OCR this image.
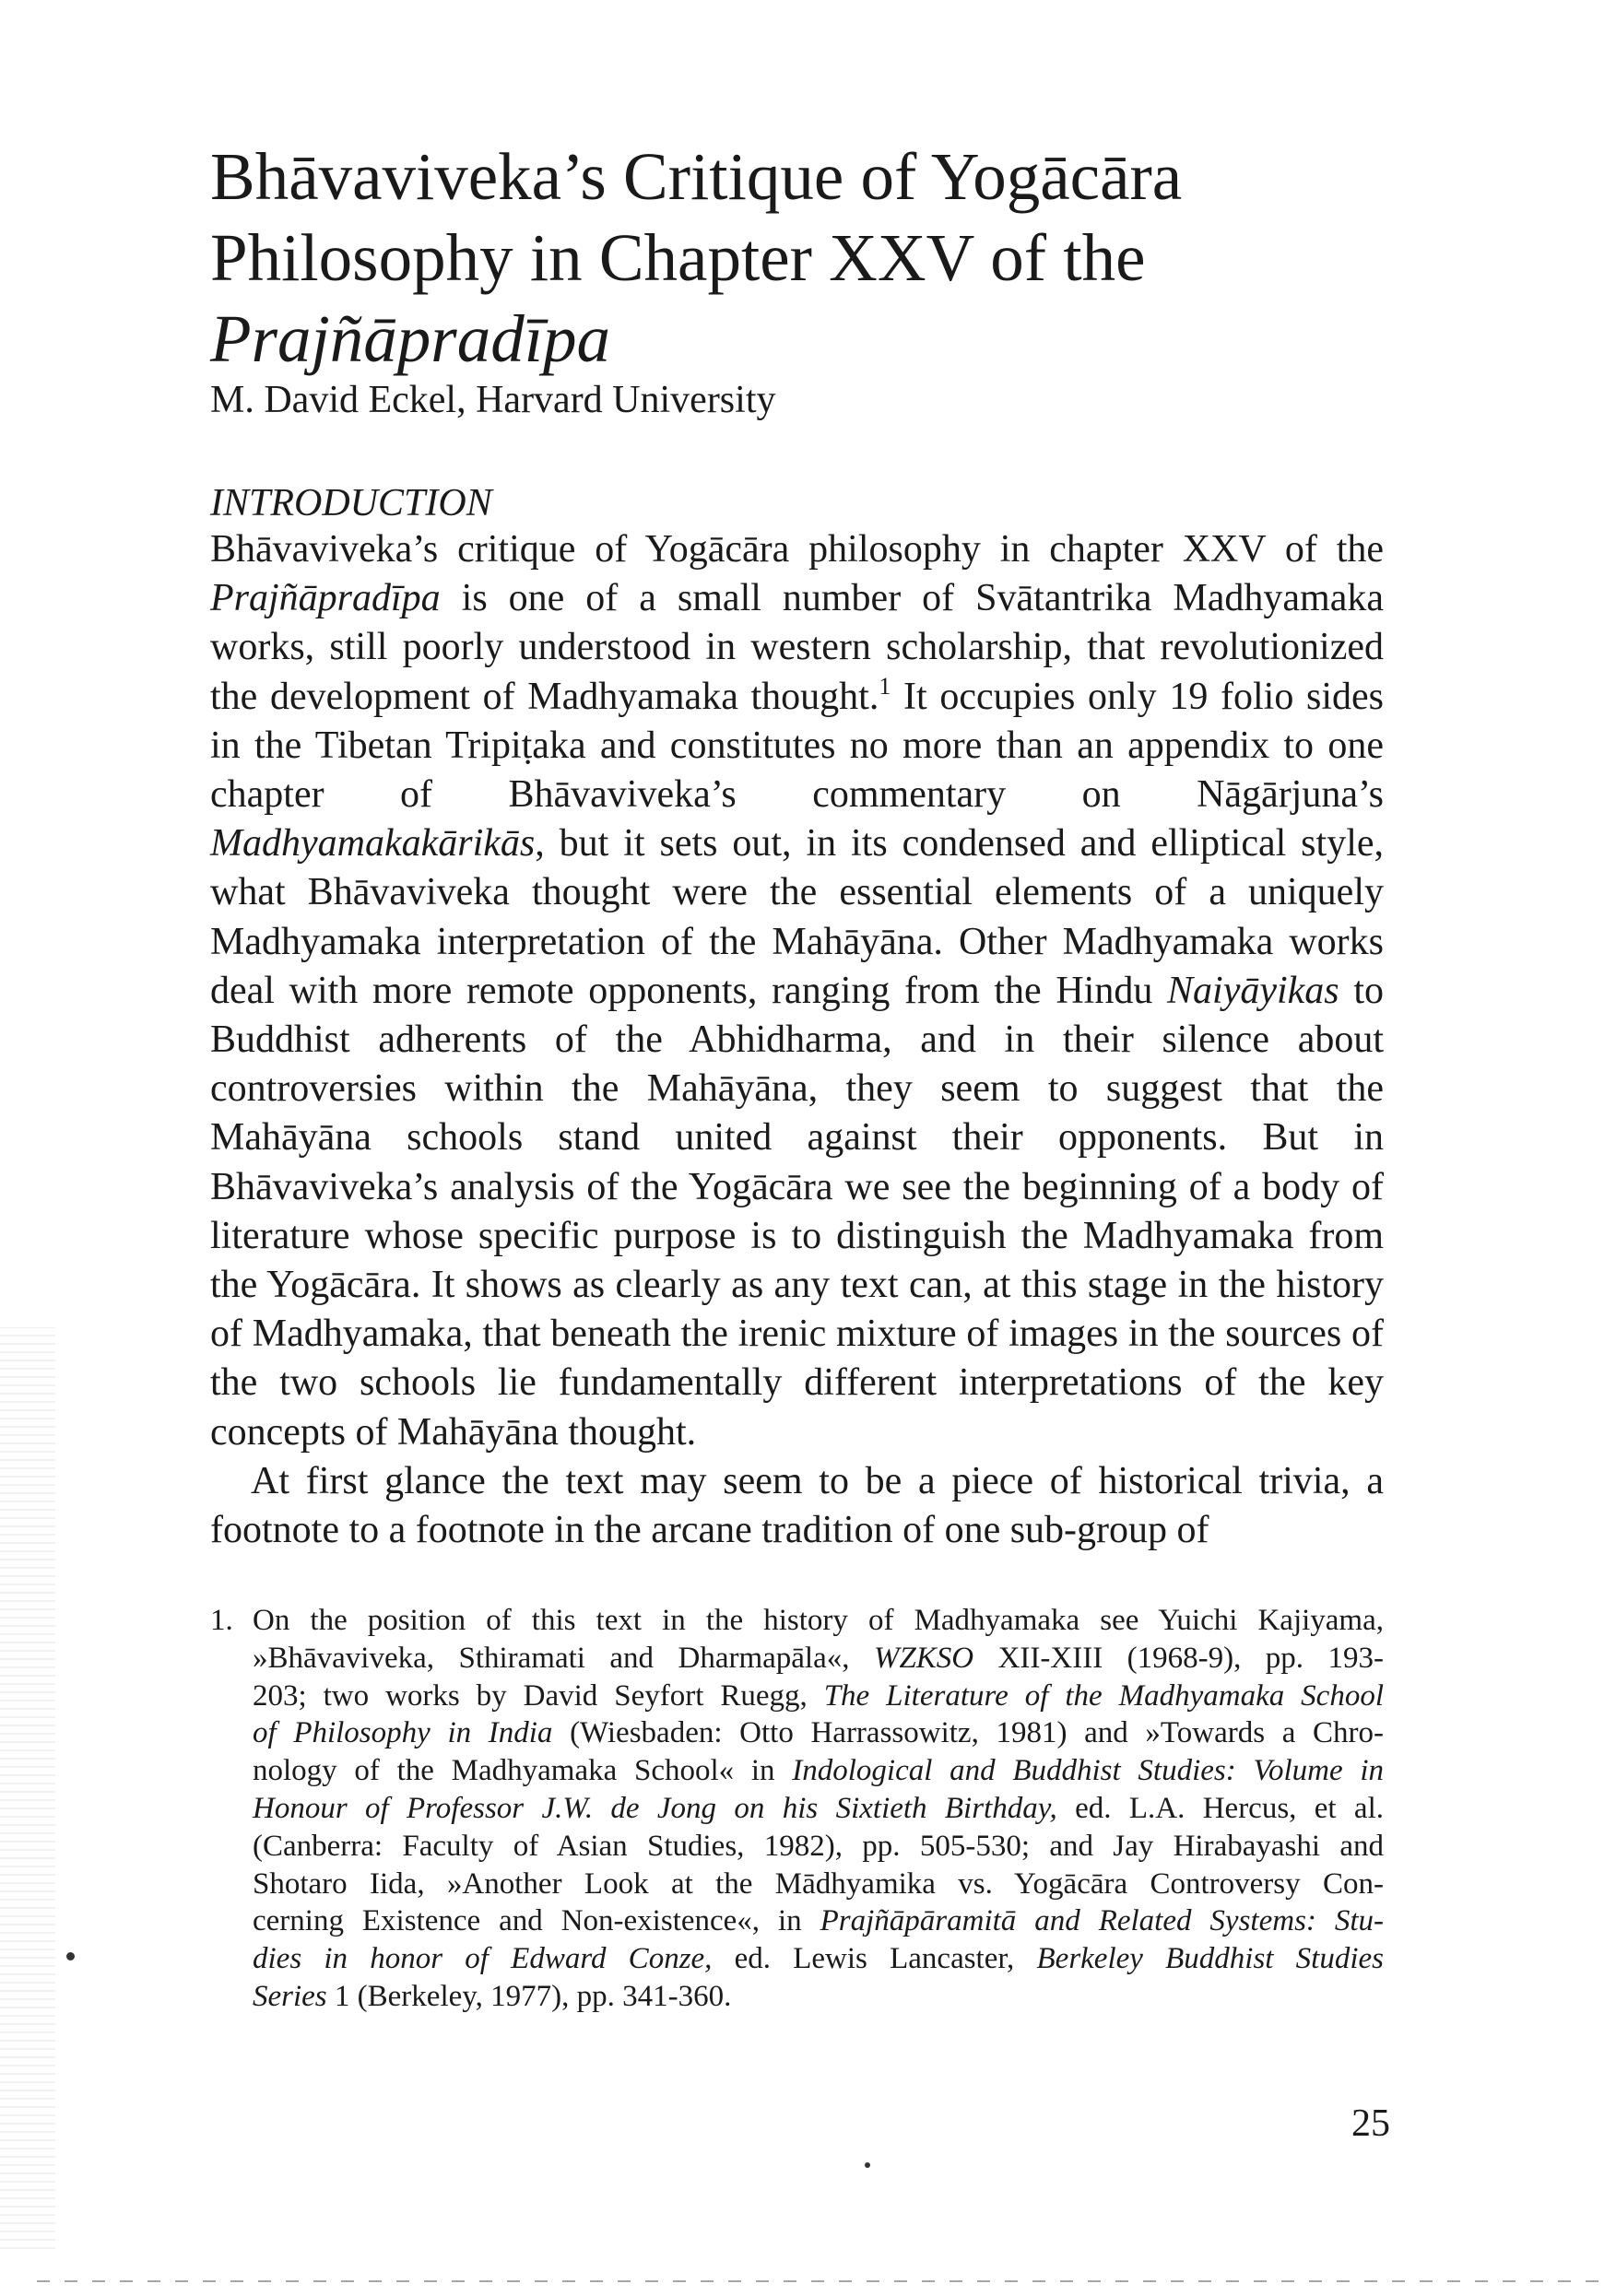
Bhāvaviveka’s Critique of Yogācāra
Philosophy in Chapter XXV of the
Prajñāpradīpa
M. David Eckel, Harvard University
INTRODUCTION

Bhāvaviveka’s critique of Yogācāra philosophy in chapter XXV of the

Prajñāpradīpa is one of a small number of Svātantrika Madhyamaka works, still poorly understood in western scholarship, that revolutionized the development of Madhyamaka thought.$^1$ It occupies only 19 folio sides in the Tibetan Tripiṭaka and constitutes no more than an appendix to one chapter of Bhāvaviveka’s commentary on Nāgārjuna’s Madhyamakakārikās, but it sets out, in its condensed and elliptical style, what Bhāvaviveka thought were the essential elements of a uniquely Madhyamaka interpretation of the Mahāyāna. Other Madhyamaka works deal with more remote opponents, ranging from the Hindu Naiyāyikas to Buddhist adherents of the Abhidharma, and in their silence about controversies within the Mahāyāna, they seem to suggest that the Mahāyāna schools stand united against their opponents. But in Bhāvaviveka’s analysis of the Yogācāra we see the beginning of a body of literature whose specific purpose is to distinguish the Madhyamaka from the Yogācāra. It shows as clearly as any text can, at this stage in the history of Madhyamaka, that beneath the irenic mixture of images in the sources of the two schools lie fundamentally different interpretations of the key concepts of Mahāyāna thought.

At first glance the text may seem to be a piece of historical trivia, a footnote to a footnote in the arcane tradition of one sub-group of

1. On the position of this text in the history of Madhyamaka see Yuichi Kajiyama,
»Bhāvaviveka, Sthiramati and Dharmapāla«, WZKSO XII-XIII (1968-9), pp. 193-
203; two works by David Seyfort Ruegg, The Literature of the Madhyamaka School
of Philosophy in India (Wiesbaden: Otto Harrassowitz, 1981) and »Towards a Chro-
nology of the Madhyamaka School« in Indological and Buddhist Studies: Volume in
Honour of Professor J.W. de Jong on his Sixtieth Birthday, ed. L.A. Hercus, et al.
(Canberra: Faculty of Asian Studies, 1982), pp. 505-530; and Jay Hirabayashi and
Shotaro Iida, »Another Look at the Mādhyamika vs. Yogācāra Controversy Con-
cerning Existence and Non-existence«, in Prajñāpāramitā and Related Systems: Stu-
dies in honor of Edward Conze, ed. Lewis Lancaster, Berkeley Buddhist Studies
Series 1 (Berkeley, 1977), pp. 341-360.
25
